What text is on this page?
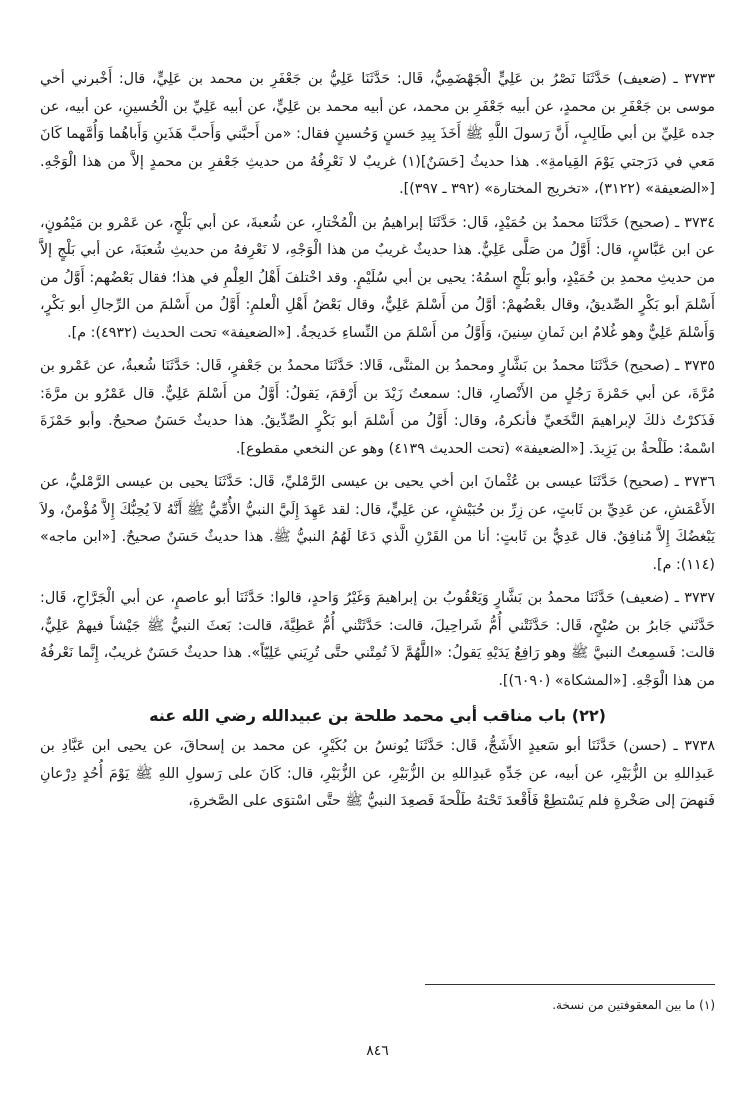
٣٧٣٣ ـ (ضعيف) حَدَّثَنَا نَصْرُ بن عَلِيٍّ الْجَهْضَمِيُّ، قَال: حَدَّثَنَا عَلِيُّ بن جَعْفَرِ بن محمد بن عَلِيٍّ، قال: أَخْبرني أخي موسى بن جَعْفَرِ بن محمدٍ، عن أبيه جَعْفَرِ بن محمد، عن أبيه محمد بن عَلِيٍّ، عن أبيه عَلِيِّ بن الْحُسينِ، عن أبيه، عن جده عَلِيِّ بن أبي طَالِبٍ، أَنَّ رَسولَ اللَّهِ ﷺ أَخَذَ بِيدِ حَسنٍ وَحُسينٍ فقال: «من أَحبَّني وَأَحبَّ هَذَينِ وَأَباهُما وَأُمَّهما كَانَ مَعي في دَرَجتي يَوْمَ القِيامةِ». هذا حديثُ [حَسَنٌ](١) غريبٌ لا نَعْرِفُهُ من حديثِ جَعْفرِ بن محمدٍ إلاَّ من هذا الْوَجْهِ. [«الضعيفة» (٣١٢٢)، «تخريج المختارة» (٣٩٢ ـ ٣٩٧)].

٣٧٣٤ ـ (صحيح) حَدَّثَنَا محمدُ بن حُمَيْدٍ، قَال: حَدَّثَنَا إبراهيمُ بن الْمُخْتارِ، عن شُعبةَ، عن أبي بَلْجٍ، عن عَمْرو بن مَيْمُونٍ، عن ابن عَبَّاسٍ، قال: أَوَّلُ من صَلَّى عَلِيٌّ. هذا حديثٌ غريبٌ من هذا الْوَجْهِ، لا نَعْرِفهُ من حديثِ شُعبَةَ، عن أبي بَلْجٍ إلاَّ من حديثِ محمدِ بن حُمَيْدٍ، وأبو بَلْجٍ اسمُهُ: يحيى بن أبي سُلَيْمٍ. وقد اخْتلفَ أَهْلُ العِلْمِ في هذا؛ فقال بَعْضُهم: أَوَّلُ من أَسْلمَ أبو بَكْرٍ الصِّديقُ، وقال بعْضُهمْ: أوَّلُ من أَسْلمَ عَلِيٌّ، وقال بَعْضُ أَهْلِ الْعلمِ: أَوَّلُ من أَسْلمَ من الرِّجالِ أبو بَكْرٍ، وَأَسْلمَ عَلِيٌّ وهو غُلامٌ ابن ثَمانِ سِنينَ، وَأَوَّلُ من أَسْلمَ من النِّساءِ خَديجةُ. [«الضعيفة» تحت الحديث (٤٩٣٢): م].

٣٧٣٥ ـ (صحيح) حَدَّثَنَا محمدُ بن بَشَّارٍ ومحمدُ بن المثنَّى، قَالا: حَدَّثَنَا محمدُ بن جَعْفرٍ، قَال: حَدَّثَنَا شُعبةُ، عن عَمْرو بن مُرَّةَ، عن أبي حَمْزةَ رَجُلٍ من الأَنْصارِ، قال: سمعتُ زَيْدَ بن أَرْقمَ، يَقولُ: أَوَّلُ من أَسْلمَ عَلِيٌّ. قال عَمْرُو بن مرَّةَ: فَذَكرْتُ ذلكَ لإبراهيمَ النَّخَعيِّ فأنكرهُ، وقال: أَوَّلُ من أَسْلمَ أبو بَكْرٍ الصِّدِّيقُ. هذا حديثٌ حَسَنٌ صحيحٌ. وأبو حَمْزَةَ اسْمهُ: طَلْحةُ بن يَزِيدَ. [«الضعيفة» (تحت الحديث ٤١٣٩) وهو عن النخعي مقطوع].

٣٧٣٦ ـ (صحيح) حَدَّثَنَا عيسى بن عُثْمانَ ابن أخي يحيى بن عيسى الرَّمْليِّ، قَال: حَدَّثَنَا يحيى بن عيسى الرَّمْليُّ، عن الأَعْمَشِ، عن عَدِيِّ بن ثَابتٍ، عن زِرِّ بن حُبَيْشٍ، عن عَلِيٍّ، قال: لقد عَهِدَ إِلَيَّ النبيُّ الأُمِّيُّ ﷺ أَنَّهُ لاَ يُحِبُّكَ إِلاَّ مُؤْمنٌ، ولاَ يَبْغضُكَ إِلاَّ مُنافِقٌ. قال عَدِيُّ بن ثَابتٍ: أنا من القَرْنِ الَّذي دَعَا لَهُمُ النبيُّ ﷺ. هذا حديثٌ حَسَنٌ صحيحٌ. [«ابن ماجه» (١١٤): م].

٣٧٣٧ ـ (ضعيف) حَدَّثَنَا محمدُ بن بَشَّارٍ وَيَعْقُوبُ بن إبراهيمَ وَغَيْرُ وَاحدٍ، قالوا: حَدَّثَنَا أبو عاصمٍ، عن أبي الْجَرَّاحِ، قَال: حَدَّثَني جَابرُ بن صُبْحٍ، قَال: حَدَّثَتْني أُمُّ شَراحِيلَ، قالت: حَدَّثَتْني أُمُّ عَطِيَّةَ، قالت: بَعثَ النبيُّ ﷺ جَيْشاً فيهمْ عَلِيٌّ، قالت: فَسمِعتُ النبيَّ ﷺ وهو رَافِعٌ يَدَيْهِ يَقولُ: «اللَّهُمَّ لاَ تُمِتْني حتَّى تُرِيَني عَلِيّاً». هذا حديثٌ حَسَنٌ غريبٌ، إِنَّما نَعْرفُهُ من هذا الْوَجْهِ. [«المشكاة» (٦٠٩٠)].

(٢٢) باب مناقب أبي محمد طلحة بن عبيدالله رضي الله عنه

٣٧٣٨ ـ (حسن) حَدَّثَنَا أبو سَعيدٍ الأَشَجُّ، قَال: حَدَّثَنَا يُونسُ بن بُكَيْرٍ، عن محمد بن إسحاقَ، عن يحيى ابن عَبَّادِ بن عَبدِاللهِ بن الزُّبَيْرِ، عن أبيه، عن جَدِّهِ عَبدِاللهِ بن الزُّبَيْرِ، عن الزُّبَيْرِ، قال: كَانَ على رَسولِ اللهِ ﷺ يَوْمَ أُحُدٍ دِرْعانِ فَنهضَ إلى صَخْرةٍ فلم يَسْتطِعْ فَأَقْعدَ تَحْتهُ طَلْحةَ فَصعِدَ النبيُّ ﷺ حتَّى اسْتوَى على الصَّخرةِ،

(١) ما بين المعقوفتين من نسخة.
٨٤٦
